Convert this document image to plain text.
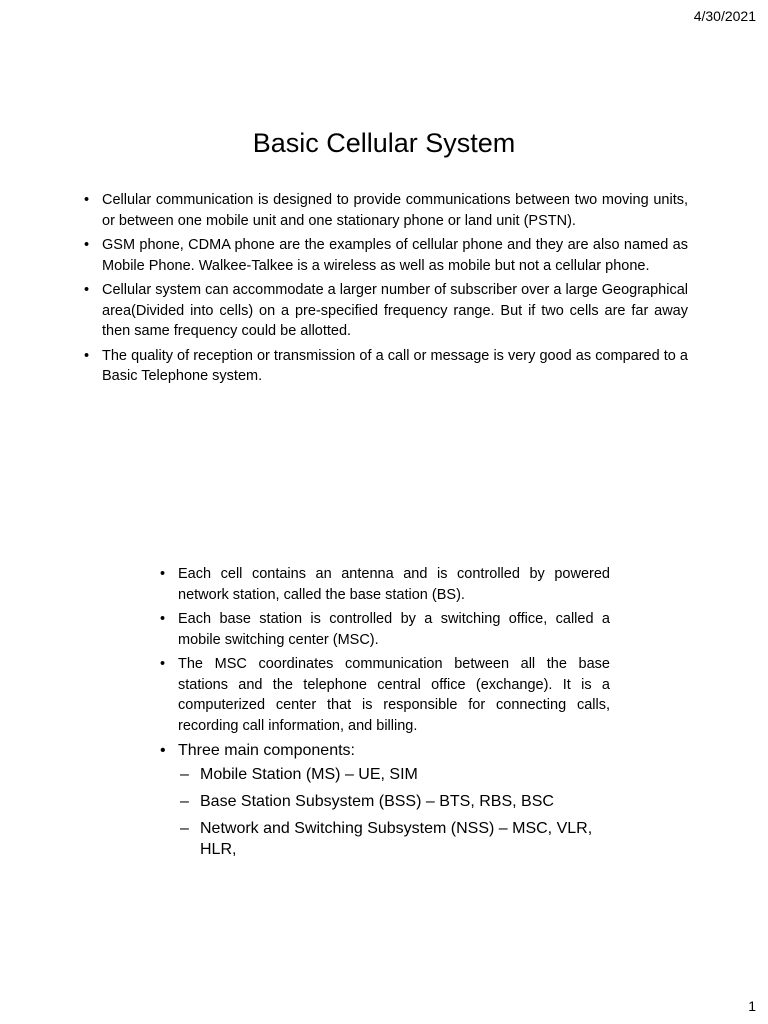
4/30/2021
Basic Cellular System
• Cellular communication is designed to provide communications between two moving units, or between one mobile unit and one stationary phone or land unit (PSTN).
• GSM phone, CDMA phone are the examples of cellular phone and they are also named as Mobile Phone. Walkee-Talkee is a wireless as well as mobile but not a cellular phone.
• Cellular system can accommodate a larger number of subscriber over a large Geographical area(Divided into cells) on a pre-specified frequency range. But if two cells are far away then same frequency could be allotted.
• The quality of reception or transmission of a call or message is very good as compared to a Basic Telephone system.
• Each cell contains an antenna and is controlled by powered network station, called the base station (BS).
• Each base station is controlled by a switching office, called a mobile switching center (MSC).
• The MSC coordinates communication between all the base stations and the telephone central office (exchange). It is a computerized center that is responsible for connecting calls, recording call information, and billing.
• Three main components:
– Mobile Station (MS) – UE, SIM
– Base Station Subsystem (BSS) – BTS, RBS, BSC
– Network and Switching Subsystem (NSS) – MSC, VLR, HLR,
1
